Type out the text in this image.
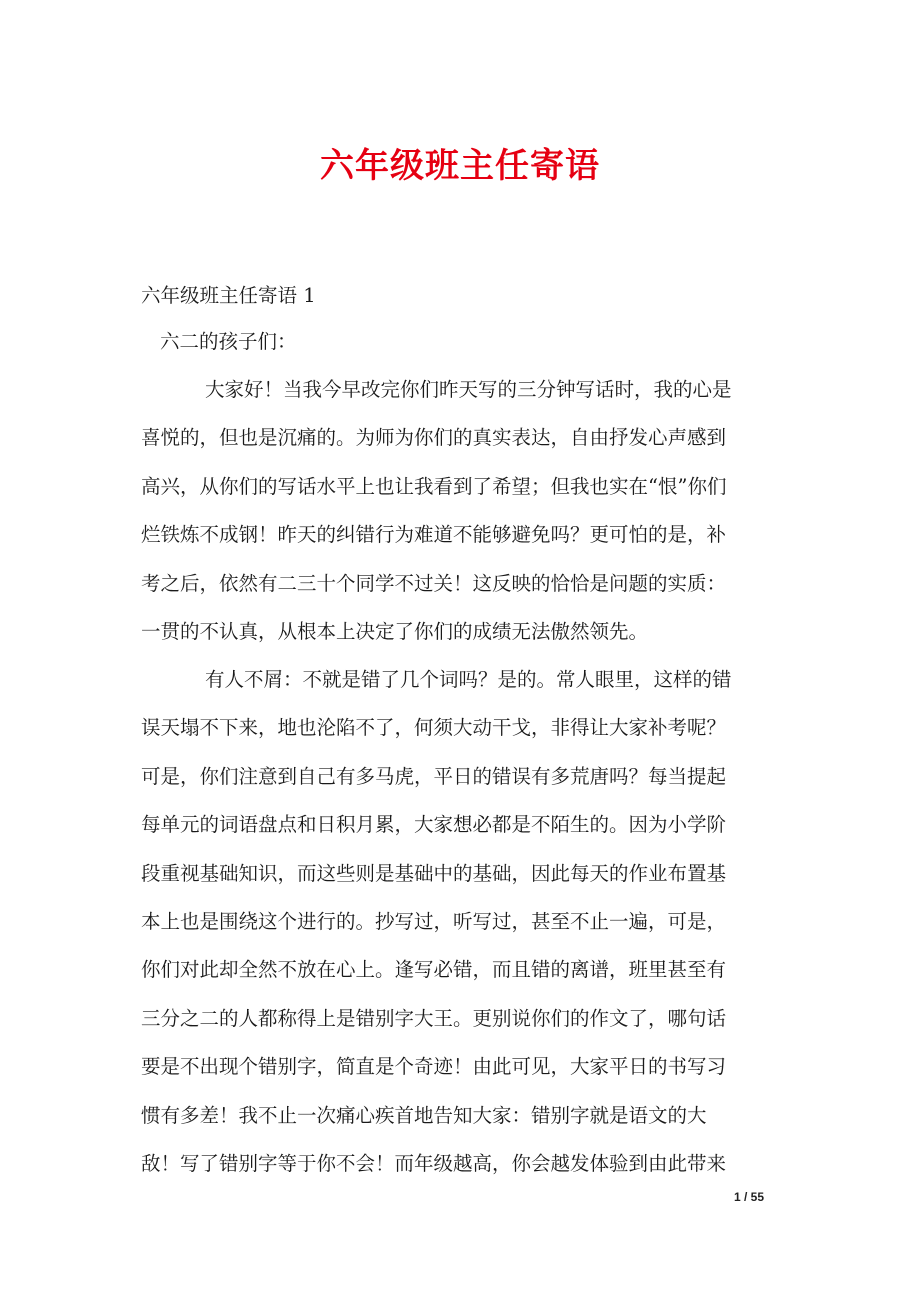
六年级班主任寄语

六年级班主任寄语 1

六二的孩子们：

大家好！当我今早改完你们昨天写的三分钟写话时，我的心是
喜悦的，但也是沉痛的。为师为你们的真实表达，自由抒发心声感到
高兴，从你们的写话水平上也让我看到了希望；但我也实在“恨”你们
烂铁炼不成钢！昨天的纠错行为难道不能够避免吗？更可怕的是，补
考之后，依然有二三十个同学不过关！这反映的恰恰是问题的实质：
一贯的不认真，从根本上决定了你们的成绩无法傲然领先。
有人不屑：不就是错了几个词吗？是的。常人眼里，这样的错
误天塌不下来，地也沦陷不了，何须大动干戈，非得让大家补考呢？
可是，你们注意到自己有多马虎，平日的错误有多荒唐吗？每当提起
每单元的词语盘点和日积月累，大家想必都是不陌生的。因为小学阶
段重视基础知识，而这些则是基础中的基础，因此每天的作业布置基
本上也是围绕这个进行的。抄写过，听写过，甚至不止一遍，可是，
你们对此却全然不放在心上。逢写必错，而且错的离谱，班里甚至有
三分之二的人都称得上是错别字大王。更别说你们的作文了，哪句话
要是不出现个错别字，简直是个奇迹！由此可见，大家平日的书写习
惯有多差！我不止一次痛心疾首地告知大家：错别字就是语文的大
敌！写了错别字等于你不会！而年级越高，你会越发体验到由此带来

1 / 55
